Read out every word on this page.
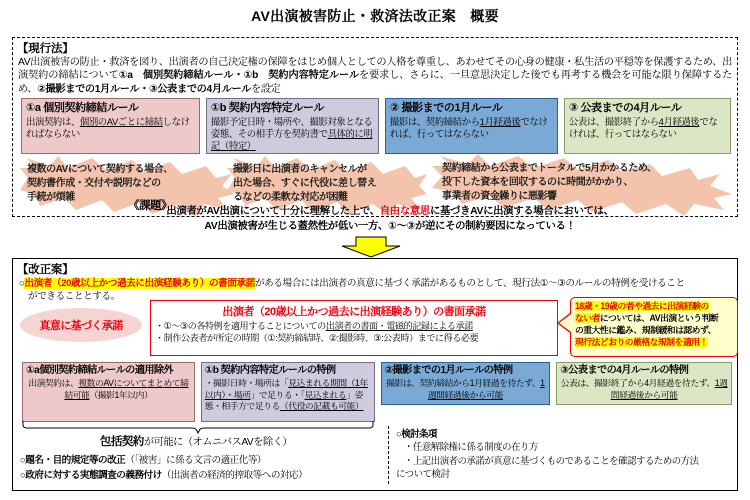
AV出演被害防止・救済法改正案　概要
【現行法】
AV出演被害の防止・救済を図り、出演者の自己決定権の保障をはじめ個人としての人格を尊重し、あわせてその心身の健康・私生活の平穏等を保護するため、出演契約の締結について①a　個別契約締結ルール・①b　契約内容特定ルールを要求し、さらに、一旦意思決定した後でも再考する機会を可能な限り保障するため、②撮影までの1月ルール・③公表までの4月ルールを設定
①a 個別契約締結ルール
出演契約は、個別のAVごとに締結しなければならない
①b 契約内容特定ルール
撮影予定日時・場所や、撮影対象となる姿態、その相手方を契約書で具体的に明記（特定）
② 撮影までの1月ルール
撮影は、契約締結から1月経過後でなければ、行ってはならない
③ 公表までの4月ルール
公表は、撮影終了から4月経過後でなければ、行ってはならない
複数のAVについて契約する場合、
契約書作成・交付や説明などの
手続が煩雑
撮影日に出演者のキャンセルが
出た場合、すぐに代役に差し替え
るなどの柔軟な対応が困難
契約締結から公表までトータルで5月かかるため、
投下した資本を回収するのに時間がかかり、
事業者の資金繰りに悪影響
《課題》
出演者がAV出演について十分に理解した上で、自由な意思に基づきAVに出演する場合においては、
AV出演被害が生じる蓋然性が低い一方、①～③が逆にその制約要因になっている！
【改正案】
○出演者（20歳以上かつ過去に出演経験あり）の書面承諾がある場合には出演者の真意に基づく承諾があるものとして、現行法①～③のルールの特例を受けること
ができることとする。
真意に基づく承諾
出演者（20歳以上かつ過去に出演経験あり）の書面承諾
・①～③の各特例を適用することについての出演者の書面・電磁的記録による承諾
・制作公表者が所定の時期（①:契約締結時、②:撮影時、③:公表時）までに得る必要
18歳・19歳の者や過去に出演経験の
ない者については、AV出演という判断
の重大性に鑑み、規制緩和は認めず、
現行法どおりの厳格な規制を適用！
①a個別契約締結ルールの適用除外
出演契約は、複数のAVについてまとめて締結可能（撮影1年以内）
①b 契約内容特定ルールの特例
・撮影日時・場所は「見込まれる期間（1年以内）・場所」で足りる・「見込まれる」姿態・相手方で足りる（代役の記載も可能）
②撮影までの1月ルールの特例
撮影は、契約締結から1月経過を待たず、1週間経過後から可能
③公表までの4月ルールの特例
公表は、撮影終了から4月経過を待たず、1週間経過後から可能
包括契約が可能に（オムニバスAVを除く）
○題名・目的規定等の改正（「被害」に係る文言の適正化等）
○政府に対する実態調査の義務付け（出演者の経済的搾取等への対応）
○検討条項
・任意解除権に係る制度の在り方
・上記出演者の承諾が真意に基づくものであることを確認するための方法
について検討
